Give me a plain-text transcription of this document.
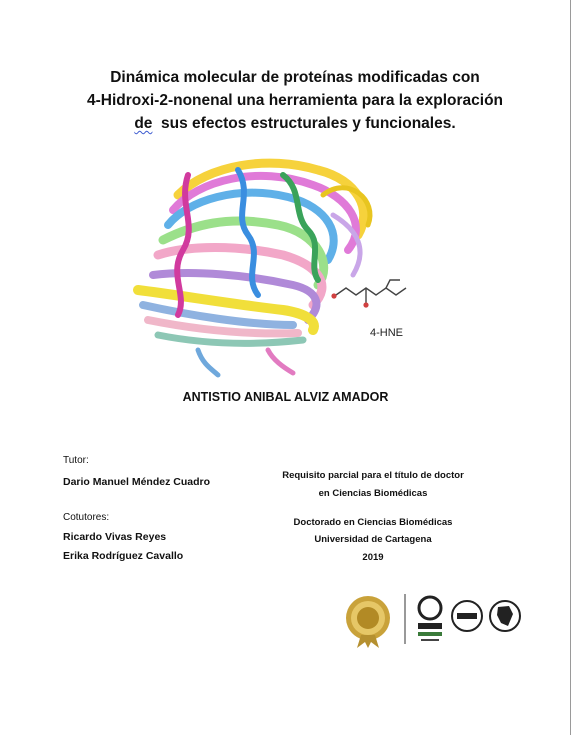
Dinámica molecular de proteínas modificadas con
4-Hidroxi-2-nonenal una herramienta para la exploración
de  sus efectos estructurales y funcionales.
4-HNE
ANTISTIO ANIBAL ALVIZ AMADOR
Tutor:
Dario Manuel Méndez Cuadro
Requisito parcial para el título de doctor
en Ciencias Biomédicas
Cotutores:
Ricardo Vivas Reyes
Erika Rodríguez Cavallo
Doctorado en Ciencias Biomédicas
Universidad de Cartagena
2019
